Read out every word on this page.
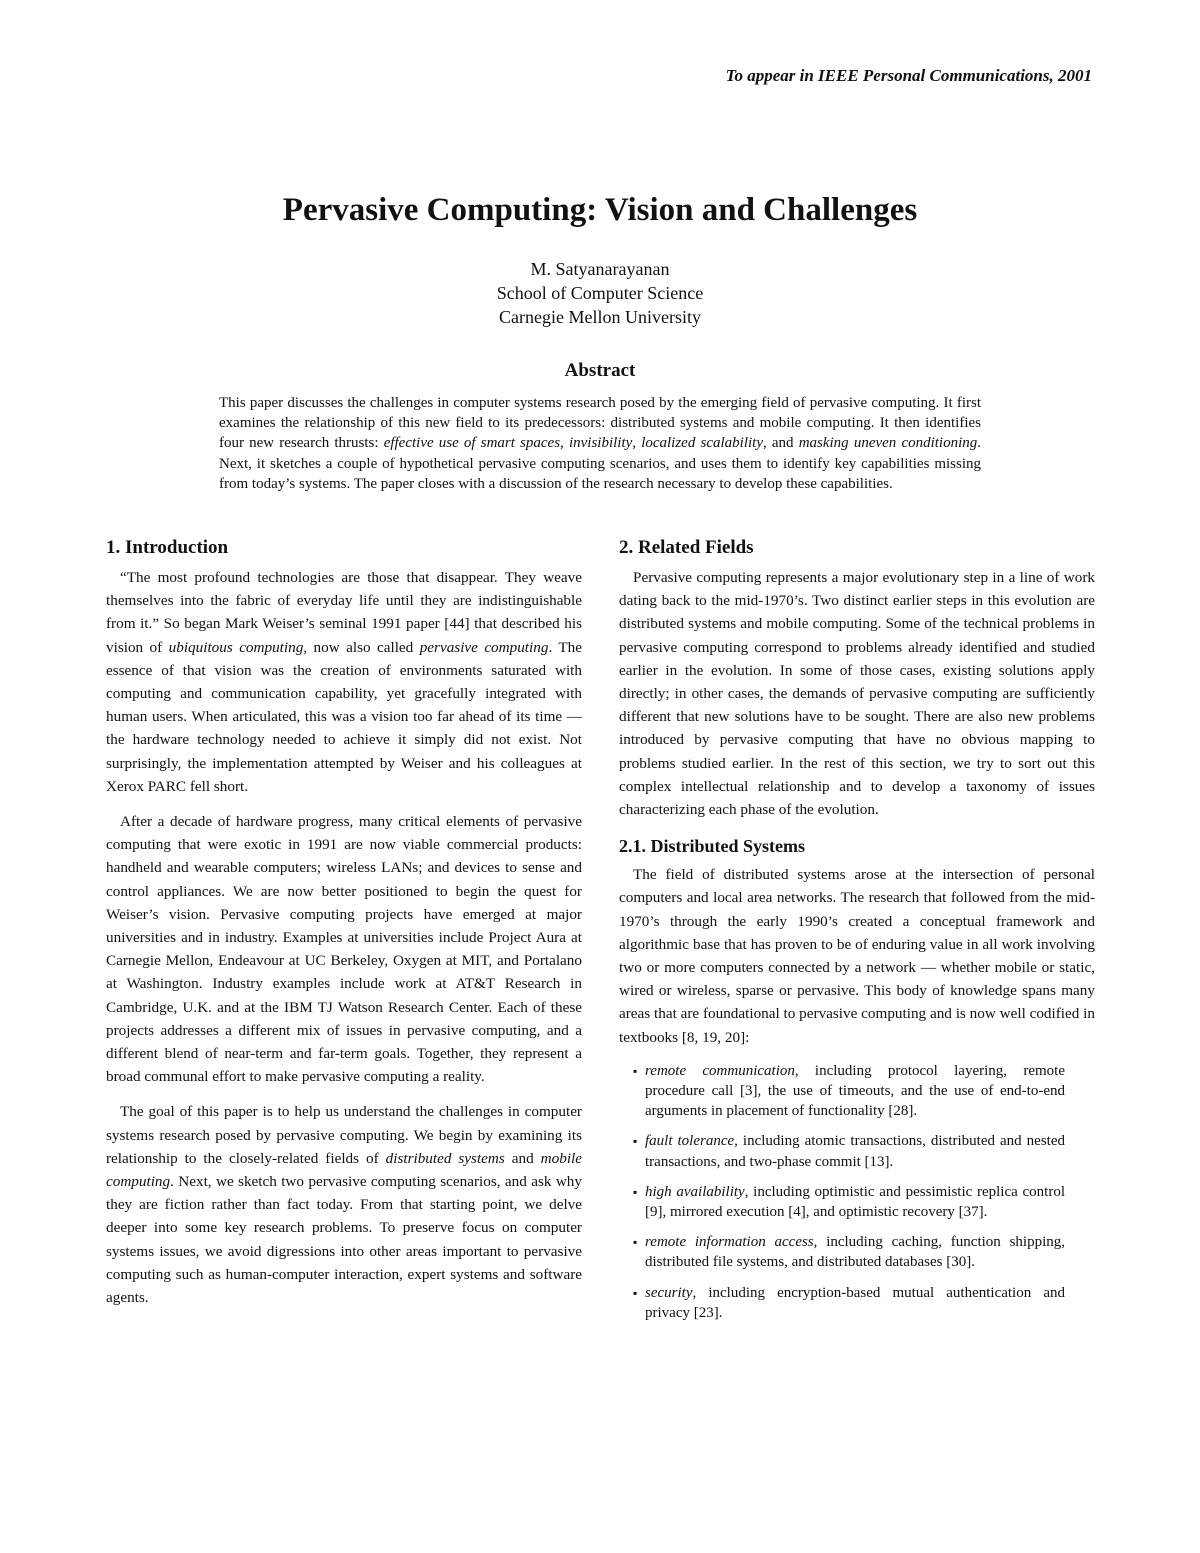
To appear in IEEE Personal Communications, 2001
Pervasive Computing: Vision and Challenges
M. Satyanarayanan
School of Computer Science
Carnegie Mellon University
Abstract

This paper discusses the challenges in computer systems research posed by the emerging field of pervasive computing. It first examines the relationship of this new field to its predecessors: distributed systems and mobile computing. It then identifies four new research thrusts: effective use of smart spaces, invisibility, localized scalability, and masking uneven conditioning. Next, it sketches a couple of hypothetical pervasive computing scenarios, and uses them to identify key capabilities missing from today’s systems. The paper closes with a discussion of the research necessary to develop these capabilities.

1. Introduction

“The most profound technologies are those that disappear. They weave themselves into the fabric of everyday life until they are indistinguishable from it.” So began Mark Weiser’s seminal 1991 paper [44] that described his vision of ubiquitous computing, now also called pervasive computing. The essence of that vision was the creation of environments saturated with computing and communication capability, yet gracefully integrated with human users. When articulated, this was a vision too far ahead of its time — the hardware technology needed to achieve it simply did not exist. Not surprisingly, the implementation attempted by Weiser and his colleagues at Xerox PARC fell short.

After a decade of hardware progress, many critical elements of pervasive computing that were exotic in 1991 are now viable commercial products: handheld and wearable computers; wireless LANs; and devices to sense and control appliances. We are now better positioned to begin the quest for Weiser’s vision. Pervasive computing projects have emerged at major universities and in industry. Examples at universities include Project Aura at Carnegie Mellon, Endeavour at UC Berkeley, Oxygen at MIT, and Portalano at Washington. Industry examples include work at AT&T Research in Cambridge, U.K. and at the IBM TJ Watson Research Center. Each of these projects addresses a different mix of issues in pervasive computing, and a different blend of near-term and far-term goals. Together, they represent a broad communal effort to make pervasive computing a reality.

The goal of this paper is to help us understand the challenges in computer systems research posed by pervasive computing. We begin by examining its relationship to the closely-related fields of distributed systems and mobile computing. Next, we sketch two pervasive computing scenarios, and ask why they are fiction rather than fact today. From that starting point, we delve deeper into some key research problems. To preserve focus on computer systems issues, we avoid digressions into other areas important to pervasive computing such as human-computer interaction, expert systems and software agents.

2. Related Fields

Pervasive computing represents a major evolutionary step in a line of work dating back to the mid-1970’s. Two distinct earlier steps in this evolution are distributed systems and mobile computing. Some of the technical problems in pervasive computing correspond to problems already identified and studied earlier in the evolution. In some of those cases, existing solutions apply directly; in other cases, the demands of pervasive computing are sufficiently different that new solutions have to be sought. There are also new problems introduced by pervasive computing that have no obvious mapping to problems studied earlier. In the rest of this section, we try to sort out this complex intellectual relationship and to develop a taxonomy of issues characterizing each phase of the evolution.

2.1. Distributed Systems

The field of distributed systems arose at the intersection of personal computers and local area networks. The research that followed from the mid-1970’s through the early 1990’s created a conceptual framework and algorithmic base that has proven to be of enduring value in all work involving two or more computers connected by a network — whether mobile or static, wired or wireless, sparse or pervasive. This body of knowledge spans many areas that are foundational to pervasive computing and is now well codified in textbooks [8, 19, 20]:

▪ remote communication, including protocol layering, remote procedure call [3], the use of timeouts, and the use of end-to-end arguments in placement of functionality [28].
▪ fault tolerance, including atomic transactions, distributed and nested transactions, and two-phase commit [13].
▪ high availability, including optimistic and pessimistic replica control [9], mirrored execution [4], and optimistic recovery [37].
▪ remote information access, including caching, function shipping, distributed file systems, and distributed databases [30].
▪ security, including encryption-based mutual authentication and privacy [23].
